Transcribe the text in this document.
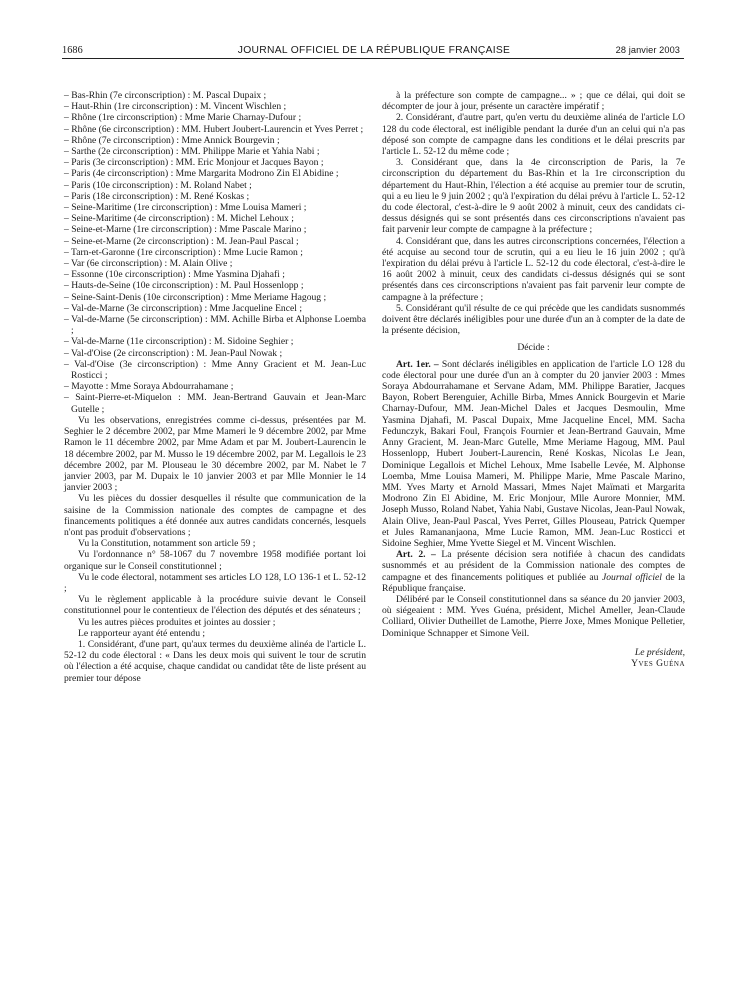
1686	JOURNAL OFFICIEL DE LA RÉPUBLIQUE FRANÇAISE	28 janvier 2003

– Bas-Rhin (7e circonscription) : M. Pascal Dupaix ;

– Haut-Rhin (1re circonscription) : M. Vincent Wischlen ;

– Rhône (1re circonscription) : Mme Marie Charnay-Dufour ;

– Rhône (6e circonscription) : MM. Hubert Joubert-Laurencin et Yves Perret ;

– Rhône (7e circonscription) : Mme Annick Bourgevin ;

– Sarthe (2e circonscription) : MM. Philippe Marie et Yahia Nabi ;

– Paris (3e circonscription) : MM. Eric Monjour et Jacques Bayon ;

– Paris (4e circonscription) : Mme Margarita Modrono Zin El Abidine ;

– Paris (10e circonscription) : M. Roland Nabet ;

– Paris (18e circonscription) : M. René Koskas ;

– Seine-Maritime (1re circonscription) : Mme Louisa Mameri ;

– Seine-Maritime (4e circonscription) : M. Michel Lehoux ;

– Seine-et-Marne (1re circonscription) : Mme Pascale Marino ;

– Seine-et-Marne (2e circonscription) : M. Jean-Paul Pascal ;

– Tarn-et-Garonne (1re circonscription) : Mme Lucie Ramon ;

– Var (6e circonscription) : M. Alain Olive ;

– Essonne (10e circonscription) : Mme Yasmina Djahafi ;

– Hauts-de-Seine (10e circonscription) : M. Paul Hossenlopp ;

– Seine-Saint-Denis (10e circonscription) : Mme Meriame Hagoug ;

– Val-de-Marne (3e circonscription) : Mme Jacqueline Encel ;

– Val-de-Marne (5e circonscription) : MM. Achille Birba et Alphonse Loemba ;

– Val-de-Marne (11e circonscription) : M. Sidoine Seghier ;

– Val-d'Oise (2e circonscription) : M. Jean-Paul Nowak ;

– Val-d'Oise (3e circonscription) : Mme Anny Gracient et M. Jean-Luc Rosticci ;

– Mayotte : Mme Soraya Abdourrahamane ;

– Saint-Pierre-et-Miquelon : MM. Jean-Bertrand Gauvain et Jean-Marc Gutelle ;

Vu les observations, enregistrées comme ci-dessus, présentées par M. Seghier le 2 décembre 2002, par Mme Mameri le 9 décembre 2002, par Mme Ramon le 11 décembre 2002, par Mme Adam et par M. Joubert-Laurencin le 18 décembre 2002, par M. Musso le 19 décembre 2002, par M. Legallois le 23 décembre 2002, par M. Plouseau le 30 décembre 2002, par M. Nabet le 7 janvier 2003, par M. Dupaix le 10 janvier 2003 et par Mlle Monnier le 14 janvier 2003 ;

Vu les pièces du dossier desquelles il résulte que communication de la saisine de la Commission nationale des comptes de campagne et des financements politiques a été donnée aux autres candidats concernés, lesquels n'ont pas produit d'observations ;

Vu la Constitution, notamment son article 59 ;

Vu l'ordonnance n° 58-1067 du 7 novembre 1958 modifiée portant loi organique sur le Conseil constitutionnel ;

Vu le code électoral, notamment ses articles LO 128, LO 136-1 et L. 52-12 ;

Vu le règlement applicable à la procédure suivie devant le Conseil constitutionnel pour le contentieux de l'élection des députés et des sénateurs ;

Vu les autres pièces produites et jointes au dossier ;

Le rapporteur ayant été entendu ;

1. Considérant, d'une part, qu'aux termes du deuxième alinéa de l'article L. 52-12 du code électoral : « Dans les deux mois qui suivent le tour de scrutin où l'élection a été acquise, chaque candidat ou candidat tête de liste présent au premier tour dépose

à la préfecture son compte de campagne... » ; que ce délai, qui doit se décompter de jour à jour, présente un caractère impératif ;

2. Considérant, d'autre part, qu'en vertu du deuxième alinéa de l'article LO 128 du code électoral, est inéligible pendant la durée d'un an celui qui n'a pas déposé son compte de campagne dans les conditions et le délai prescrits par l'article L. 52-12 du même code ;

3. Considérant que, dans la 4e circonscription de Paris, la 7e circonscription du département du Bas-Rhin et la 1re circonscription du département du Haut-Rhin, l'élection a été acquise au premier tour de scrutin, qui a eu lieu le 9 juin 2002 ; qu'à l'expiration du délai prévu à l'article L. 52-12 du code électoral, c'est-à-dire le 9 août 2002 à minuit, ceux des candidats ci-dessus désignés qui se sont présentés dans ces circonscriptions n'avaient pas fait parvenir leur compte de campagne à la préfecture ;

4. Considérant que, dans les autres circonscriptions concernées, l'élection a été acquise au second tour de scrutin, qui a eu lieu le 16 juin 2002 ; qu'à l'expiration du délai prévu à l'article L. 52-12 du code électoral, c'est-à-dire le 16 août 2002 à minuit, ceux des candidats ci-dessus désignés qui se sont présentés dans ces circonscriptions n'avaient pas fait parvenir leur compte de campagne à la préfecture ;

5. Considérant qu'il résulte de ce qui précède que les candidats susnommés doivent être déclarés inéligibles pour une durée d'un an à compter de la date de la présente décision,

Décide :

Art. 1er. – Sont déclarés inéligibles en application de l'article LO 128 du code électoral pour une durée d'un an à compter du 20 janvier 2003 : Mmes Soraya Abdourrahamane et Servane Adam, MM. Philippe Baratier, Jacques Bayon, Robert Berenguier, Achille Birba, Mmes Annick Bourgevin et Marie Charnay-Dufour, MM. Jean-Michel Dales et Jacques Desmoulin, Mme Yasmina Djahafi, M. Pascal Dupaix, Mme Jacqueline Encel, MM. Sacha Fedunczyk, Bakari Foul, François Fournier et Jean-Bertrand Gauvain, Mme Anny Gracient, M. Jean-Marc Gutelle, Mme Meriame Hagoug, MM. Paul Hossenlopp, Hubert Joubert-Laurencin, René Koskas, Nicolas Le Jean, Dominique Legallois et Michel Lehoux, Mme Isabelle Levée, M. Alphonse Loemba, Mme Louisa Mameri, M. Philippe Marie, Mme Pascale Marino, MM. Yves Marty et Arnold Massari, Mmes Najet Maïmati et Margarita Modrono Zin El Abidine, M. Eric Monjour, Mlle Aurore Monnier, MM. Joseph Musso, Roland Nabet, Yahia Nabi, Gustave Nicolas, Jean-Paul Nowak, Alain Olive, Jean-Paul Pascal, Yves Perret, Gilles Plouseau, Patrick Quemper et Jules Ramananjaona, Mme Lucie Ramon, MM. Jean-Luc Rosticci et Sidoine Seghier, Mme Yvette Siegel et M. Vincent Wischlen.

Art. 2. – La présente décision sera notifiée à chacun des candidats susnommés et au président de la Commission nationale des comptes de campagne et des financements politiques et publiée au Journal officiel de la République française.

Délibéré par le Conseil constitutionnel dans sa séance du 20 janvier 2003, où siégeaient : MM. Yves Guéna, président, Michel Ameller, Jean-Claude Colliard, Olivier Dutheillet de Lamothe, Pierre Joxe, Mmes Monique Pelletier, Dominique Schnapper et Simone Veil.

Le président,

Yves Guéna
